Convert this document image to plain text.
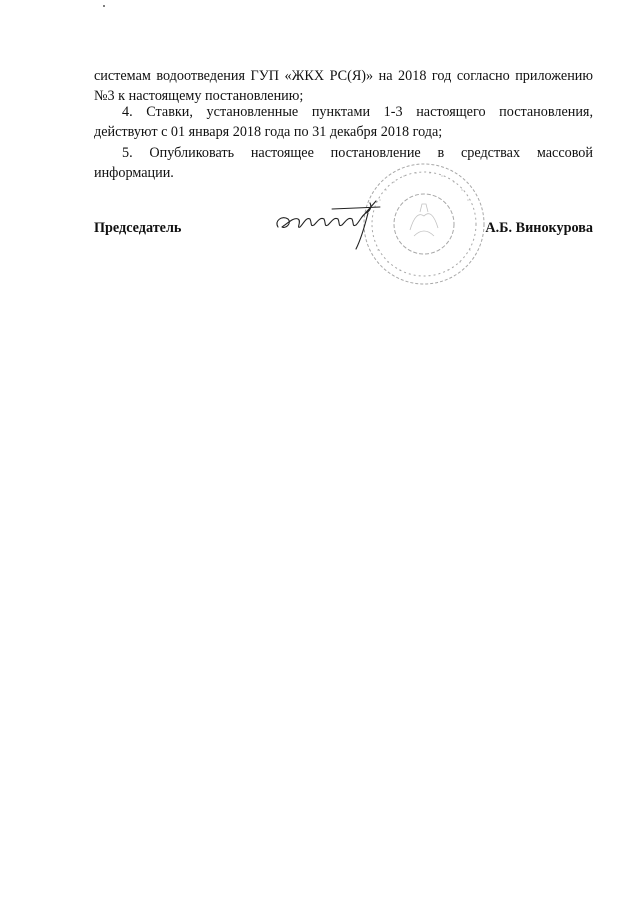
системам водоотведения ГУП «ЖКХ РС(Я)» на 2018 год согласно приложению №3 к настоящему постановлению;

4. Ставки, установленные пунктами 1-3 настоящего постановления, действуют с 01 января 2018 года по 31 декабря 2018 года;

5. Опубликовать настоящее постановление в средствах массовой информации.

Председатель	А.Б. Винокурова
